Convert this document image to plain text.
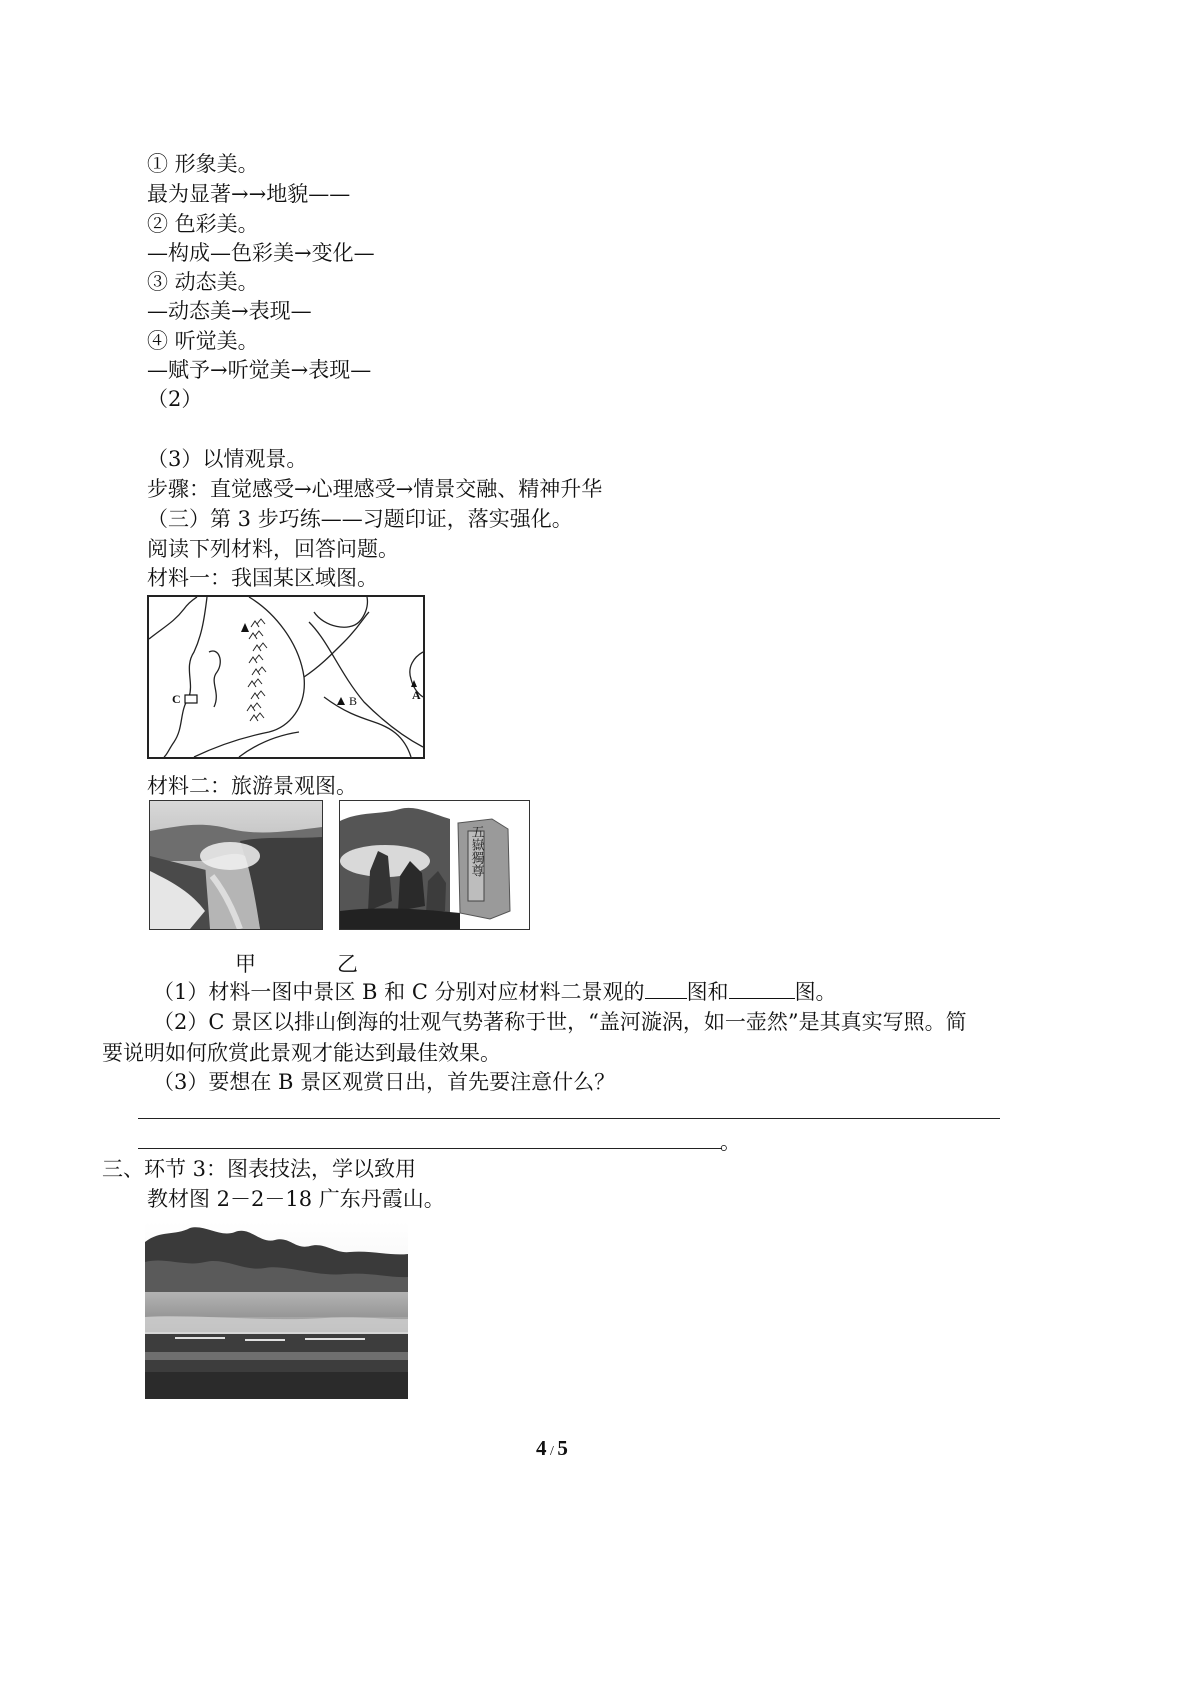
① 形象美。
最为显著→→地貌——
② 色彩美。
—构成—色彩美→变化—
③ 动态美。
—动态美→表现—
④ 听觉美。
—赋予→听觉美→表现—
（2）
（3）以情观景。
步骤：直觉感受→心理感受→情景交融、精神升华
（三）第 3 步巧练——习题印证，落实强化。
阅读下列材料，回答问题。
材料一：我国某区域图。
B
C	A
材料二：旅游景观图。
五嶽獨尊
甲	乙
（1）材料一图中景区 B 和 C 分别对应材料二景观的 图和	图。
（2）C 景区以排山倒海的壮观气势著称于世，“盖河漩涡，如一壶然”是其真实写照。简
要说明如何欣赏此景观才能达到最佳效果。
（3）要想在 B 景区观赏日出，首先要注意什么？
。
三、环节 3：图表技法，学以致用
教材图 2－2－18 广东丹霞山。
4 / 5
